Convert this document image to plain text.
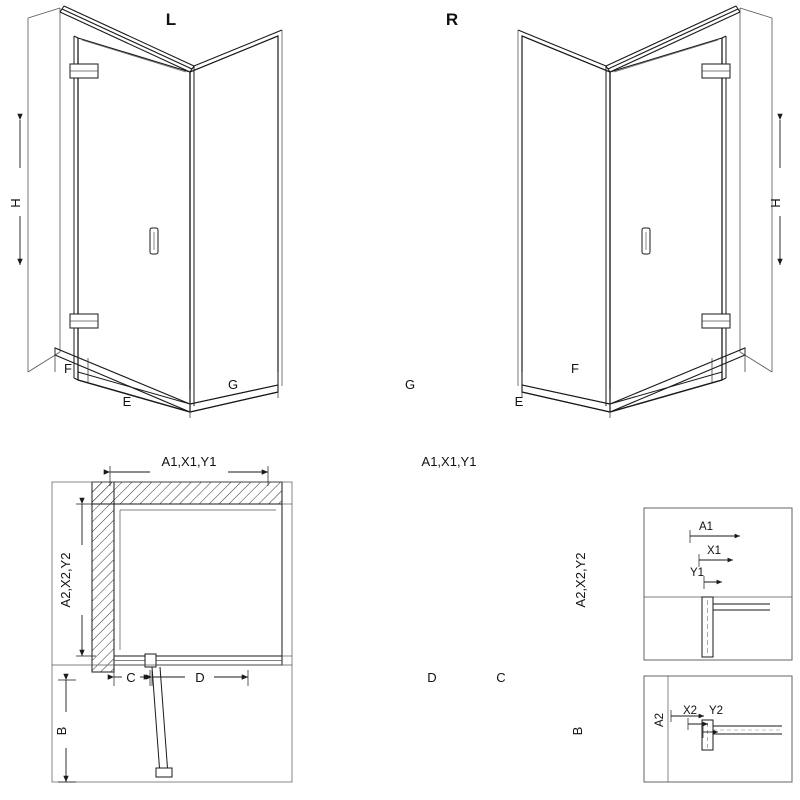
L
H
F
E
G
R
H
F
E
G
A1,X1,Y1
A2,X2,Y2
C	D
B
A1,X1,Y1
A2,X2,Y2
C
D
B
A1
X1
Y1
A2
X2 Y2
